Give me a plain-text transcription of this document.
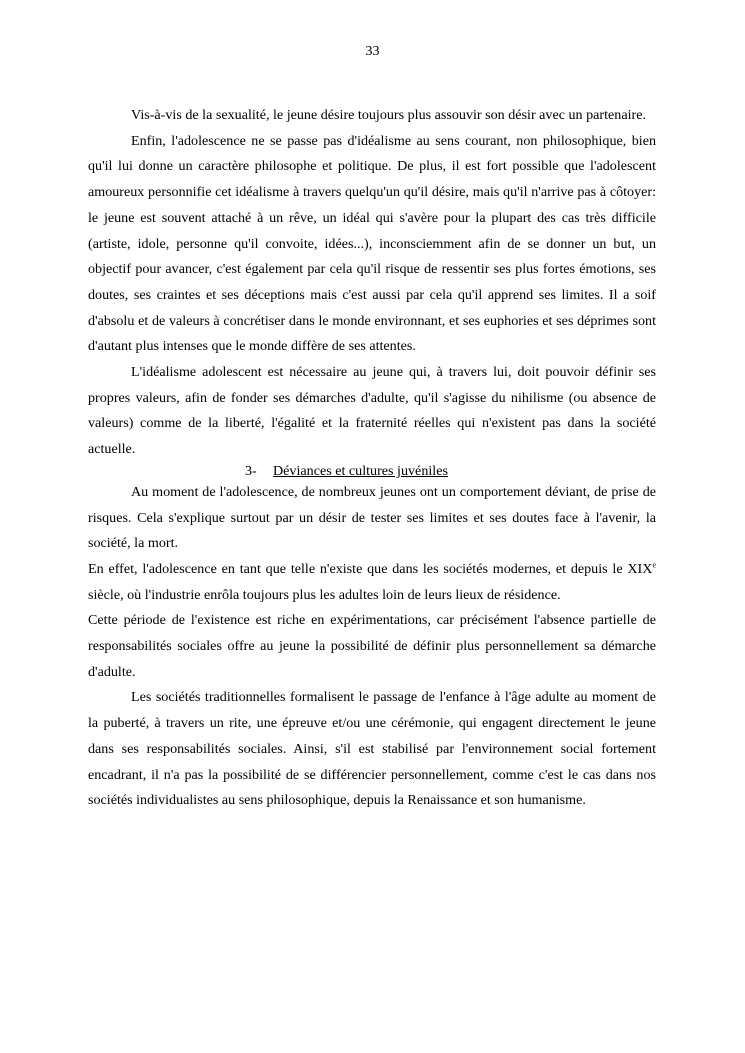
33

Vis-à-vis de la sexualité, le jeune désire toujours plus assouvir son désir avec un partenaire.

Enfin, l'adolescence ne se passe pas d'idéalisme au sens courant, non philosophique, bien qu'il lui donne un caractère philosophe et politique. De plus, il est fort possible que l'adolescent amoureux personnifie cet idéalisme à travers quelqu'un qu'il désire, mais qu'il n'arrive pas à côtoyer: le jeune est souvent attaché à un rêve, un idéal qui s'avère pour la plupart des cas très difficile (artiste, idole, personne qu'il convoite, idées...), inconsciemment afin de se donner un but, un objectif pour avancer, c'est également par cela qu'il risque de ressentir ses plus fortes émotions, ses doutes, ses craintes et ses déceptions mais c'est aussi par cela qu'il apprend ses limites. Il a soif d'absolu et de valeurs à concrétiser dans le monde environnant, et ses euphories et ses déprimes sont d'autant plus intenses que le monde diffère de ses attentes.

L'idéalisme adolescent est nécessaire au jeune qui, à travers lui, doit pouvoir définir ses propres valeurs, afin de fonder ses démarches d'adulte, qu'il s'agisse du nihilisme (ou absence de valeurs) comme de la liberté, l'égalité et la fraternité réelles qui n'existent pas dans la société actuelle.

3- Déviances et cultures juvéniles

Au moment de l'adolescence, de nombreux jeunes ont un comportement déviant, de prise de risques. Cela s'explique surtout par un désir de tester ses limites et ses doutes face à l'avenir, la société, la mort.

En effet, l'adolescence en tant que telle n'existe que dans les sociétés modernes, et depuis le XIXe siècle, où l'industrie enrôla toujours plus les adultes loin de leurs lieux de résidence.

Cette période de l'existence est riche en expérimentations, car précisément l'absence partielle de responsabilités sociales offre au jeune la possibilité de définir plus personnellement sa démarche d'adulte.

Les sociétés traditionnelles formalisent le passage de l'enfance à l'âge adulte au moment de la puberté, à travers un rite, une épreuve et/ou une cérémonie, qui engagent directement le jeune dans ses responsabilités sociales. Ainsi, s'il est stabilisé par l'environnement social fortement encadrant, il n'a pas la possibilité de se différencier personnellement, comme c'est le cas dans nos sociétés individualistes au sens philosophique, depuis la Renaissance et son humanisme.
